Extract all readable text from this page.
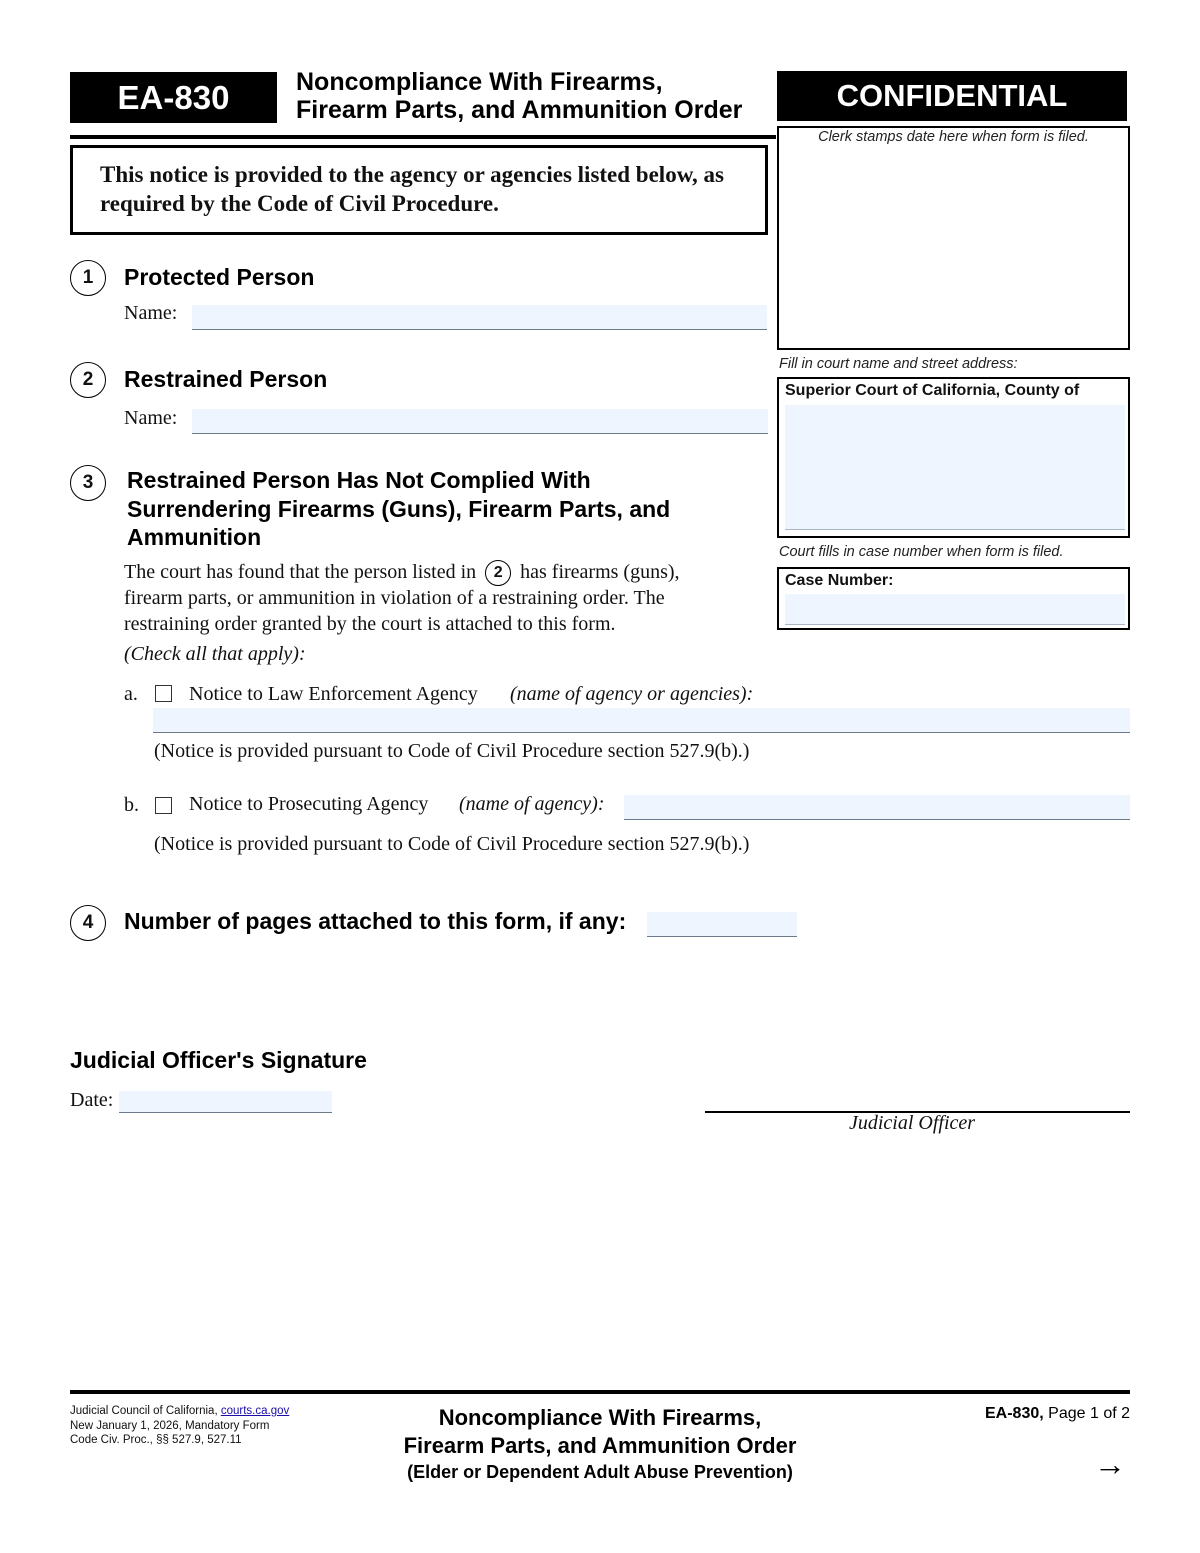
EA-830	Noncompliance With Firearms,
Firearm Parts, and Ammunition Order	CONFIDENTIAL
This notice is provided to the agency or agencies listed below, as
required by the Code of Civil Procedure.
Clerk stamps date here when form is filed.
Fill in court name and street address:
Superior Court of California, County of
Court fills in case number when form is filed.
Case Number:
1	Protected Person
Name:
2	Restrained Person
Name:
3	Restrained Person Has Not Complied With
Surrendering Firearms (Guns), Firearm Parts, and
Ammunition
The court has found that the person listed in	2 has firearms (guns),
firearm parts, or ammunition in violation of a restraining order. The
restraining order granted by the court is attached to this form.
(Check all that apply):
a.	Notice to Law Enforcement Agency (name of agency or agencies):
(Notice is provided pursuant to Code of Civil Procedure section 527.9(b).)
b.	Notice to Prosecuting Agency (name of agency):
(Notice is provided pursuant to Code of Civil Procedure section 527.9(b).)
4	Number of pages attached to this form, if any:
Judicial Officer's Signature
Date:
Judicial Officer
Judicial Council of California, courts.ca.gov
New January 1, 2026, Mandatory Form
Code Civ. Proc., §§ 527.9, 527.11
Noncompliance With Firearms,
Firearm Parts, and Ammunition Order
(Elder or Dependent Adult Abuse Prevention)
EA-830, Page 1 of 2
→
